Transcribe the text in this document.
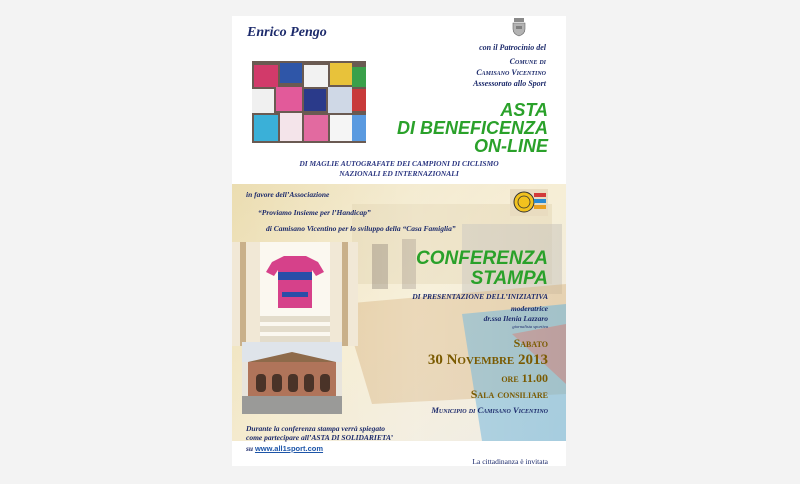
Enrico Pengo
con il Patrocinio del
Comune di
Camisano Vicentino
Assessorato allo Sport
ASTA
DI BENEFICENZA
ON-LINE
DI MAGLIE AUTOGRAFATE DEI CAMPIONI DI CICLISMO
NAZIONALI ED INTERNAZIONALI
in favore dell’Associazione
“Proviamo Insieme per l’Handicap”
di Camisano Vicentino per lo sviluppo della “Casa Famiglia”
CONFERENZA
STAMPA
DI PRESENTAZIONE DELL’INIZIATIVA
moderatrice
dr.ssa Ilenia Lazzaro
giornalista sportiva
Sabato
30 Novembre 2013
ore 11.00
Sala consiliare
Municipio di Camisano Vicentino
Durante la conferenza stampa verrà spiegato
come partecipare all’ASTA DI SOLIDARIETA’
su www.all1sport.com
La cittadinanza è invitata
